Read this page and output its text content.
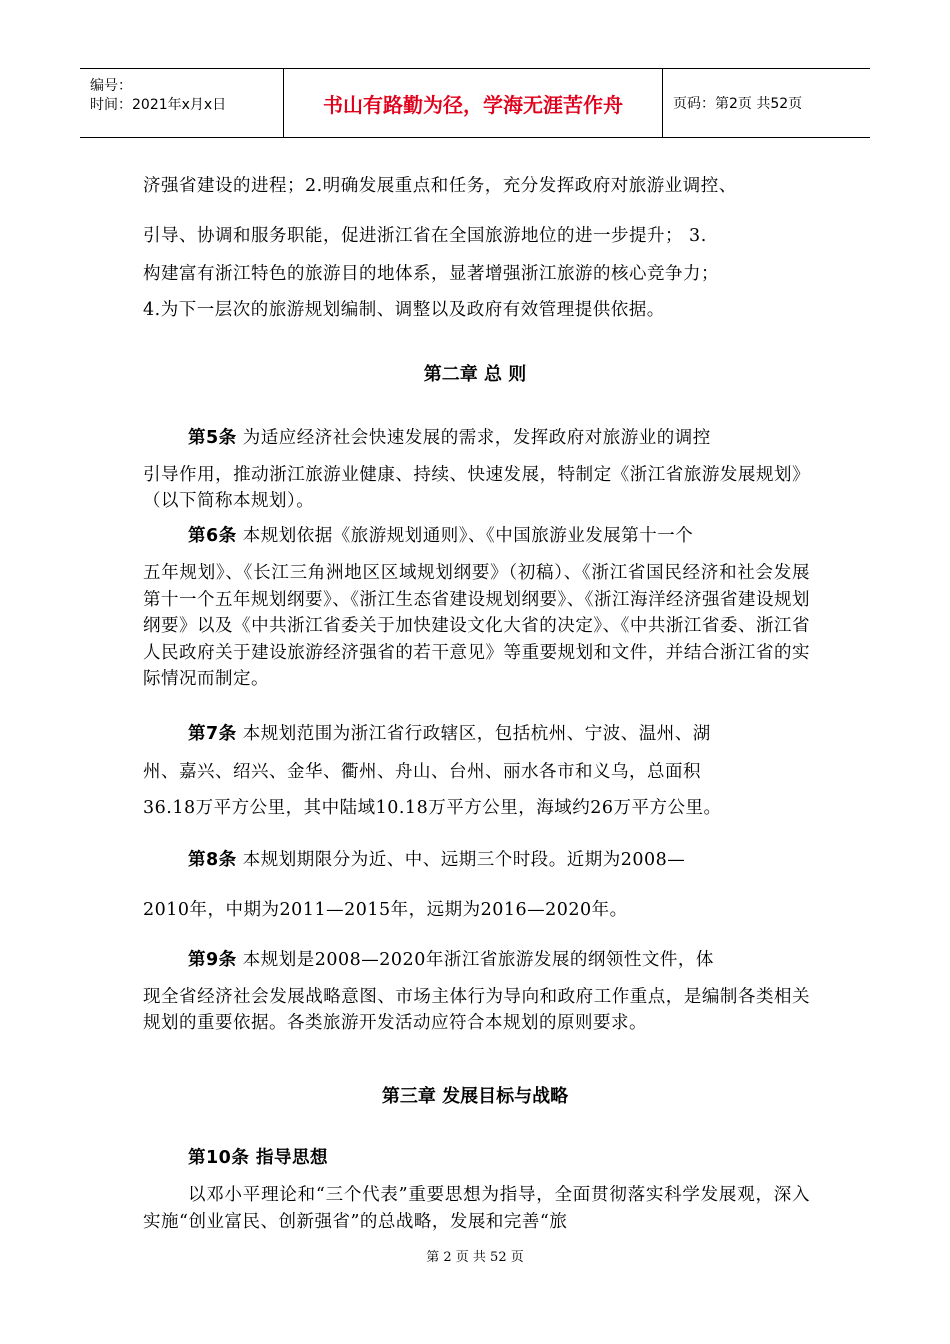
编号：
时间：2021年x月x日	书山有路勤为径，学海无涯苦作舟	页码：第2页 共52页
济强省建设的进程；2.明确发展重点和任务，充分发挥政府对旅游业调控、
引导、协调和服务职能，促进浙江省在全国旅游地位的进一步提升； 3.
构建富有浙江特色的旅游目的地体系，显著增强浙江旅游的核心竞争力；
4.为下一层次的旅游规划编制、调整以及政府有效管理提供依据。
第二章 总 则
第5条 为适应经济社会快速发展的需求，发挥政府对旅游业的调控
引导作用，推动浙江旅游业健康、持续、快速发展，特制定《浙江省旅游发展规划》（以下简称本规划）。
第6条 本规划依据《旅游规划通则》、《中国旅游业发展第十一个
五年规划》、《长江三角洲地区区域规划纲要》（初稿）、《浙江省国民经济和社会发展第十一个五年规划纲要》、《浙江生态省建设规划纲要》、《浙江海洋经济强省建设规划纲要》以及《中共浙江省委关于加快建设文化大省的决定》、《中共浙江省委、浙江省人民政府关于建设旅游经济强省的若干意见》等重要规划和文件，并结合浙江省的实际情况而制定。
第7条 本规划范围为浙江省行政辖区，包括杭州、宁波、温州、湖
州、嘉兴、绍兴、金华、衢州、舟山、台州、丽水各市和义乌，总面积
36.18万平方公里，其中陆域10.18万平方公里，海域约26万平方公里。
第8条 本规划期限分为近、中、远期三个时段。近期为2008—
2010年，中期为2011—2015年，远期为2016—2020年。
第9条 本规划是2008—2020年浙江省旅游发展的纲领性文件，体
现全省经济社会发展战略意图、市场主体行为导向和政府工作重点，是编制各类相关规划的重要依据。各类旅游开发活动应符合本规划的原则要求。
第三章 发展目标与战略
第10条 指导思想
以邓小平理论和“三个代表”重要思想为指导，全面贯彻落实科学发展观，深入实施“创业富民、创新强省”的总战略，发展和完善“旅
第 2 页 共 52 页
